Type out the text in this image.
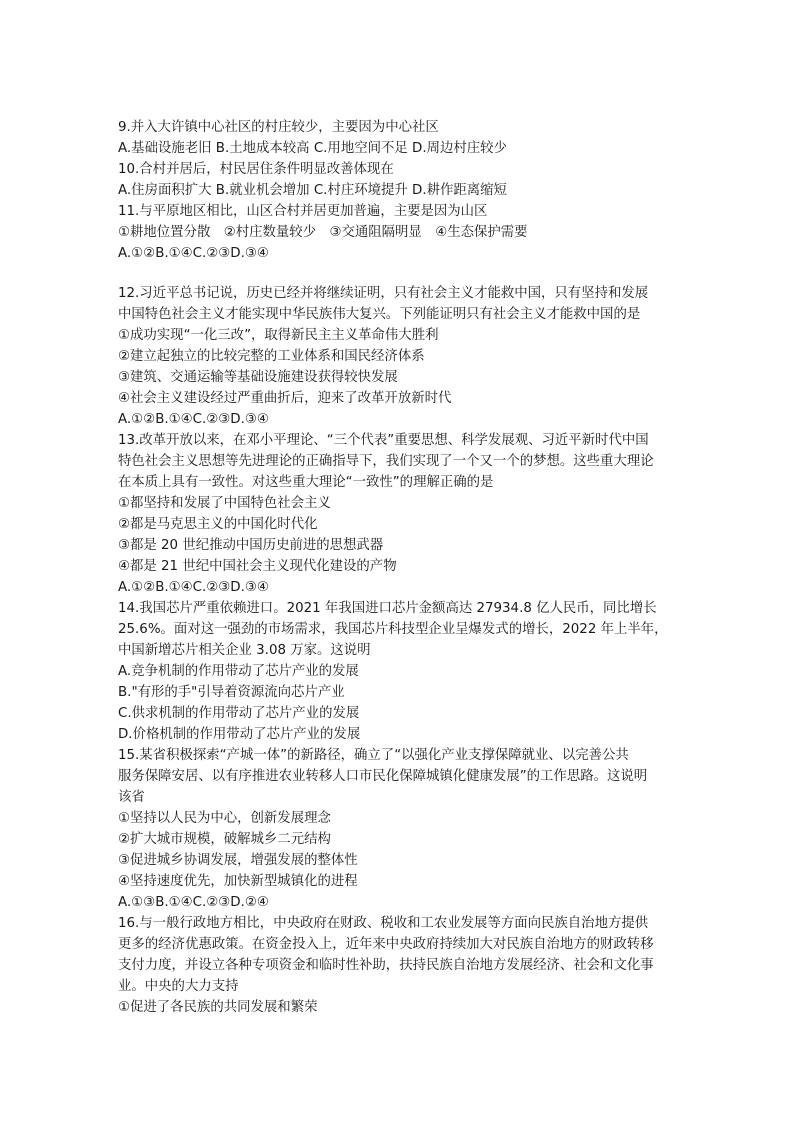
9.并入大许镇中心社区的村庄较少，主要因为中心社区
A.基础设施老旧 B.土地成本较高 C.用地空间不足 D.周边村庄较少
10.合村并居后，村民居住条件明显改善体现在
A.住房面积扩大 B.就业机会增加 C.村庄环境提升 D.耕作距离缩短
11.与平原地区相比，山区合村并居更加普遍，主要是因为山区
①耕地位置分散　②村庄数量较少　③交通阻隔明显　④生态保护需要
A.①②B.①④C.②③D.③④
12.习近平总书记说，历史已经并将继续证明，只有社会主义才能救中国，只有坚持和发展
中国特色社会主义才能实现中华民族伟大复兴。下列能证明只有社会主义才能救中国的是
①成功实现“一化三改”，取得新民主主义革命伟大胜利
②建立起独立的比较完整的工业体系和国民经济体系
③建筑、交通运输等基础设施建设获得较快发展
④社会主义建设经过严重曲折后，迎来了改革开放新时代
A.①②B.①④C.②③D.③④
13.改革开放以来，在邓小平理论、“三个代表”重要思想、科学发展观、习近平新时代中国
特色社会主义思想等先进理论的正确指导下，我们实现了一个又一个的梦想。这些重大理论
在本质上具有一致性。对这些重大理论“一致性”的理解正确的是
①都坚持和发展了中国特色社会主义
②都是马克思主义的中国化时代化
③都是 20 世纪推动中国历史前进的思想武器
④都是 21 世纪中国社会主义现代化建设的产物
A.①②B.①④C.②③D.③④
14.我国芯片严重依赖进口。2021 年我国进口芯片金额高达 27934.8 亿人民币，同比增长
25.6%。面对这一强劲的市场需求，我国芯片科技型企业呈爆发式的增长，2022 年上半年，
中国新增芯片相关企业 3.08 万家。这说明
A.竞争机制的作用带动了芯片产业的发展
B."有形的手"引导着资源流向芯片产业
C.供求机制的作用带动了芯片产业的发展
D.价格机制的作用带动了芯片产业的发展
15.某省积极探索“产城一体”的新路径，确立了“以强化产业支撑保障就业、以完善公共
服务保障安居、以有序推进农业转移人口市民化保障城镇化健康发展”的工作思路。这说明
该省
①坚持以人民为中心，创新发展理念
②扩大城市规模，破解城乡二元结构
③促进城乡协调发展，增强发展的整体性
④坚持速度优先，加快新型城镇化的进程
A.①③B.①④C.②③D.②④
16.与一般行政地方相比，中央政府在财政、税收和工农业发展等方面向民族自治地方提供
更多的经济优惠政策。在资金投入上，近年来中央政府持续加大对民族自治地方的财政转移
支付力度，并设立各种专项资金和临时性补助，扶持民族自治地方发展经济、社会和文化事
业。中央的大力支持
①促进了各民族的共同发展和繁荣
